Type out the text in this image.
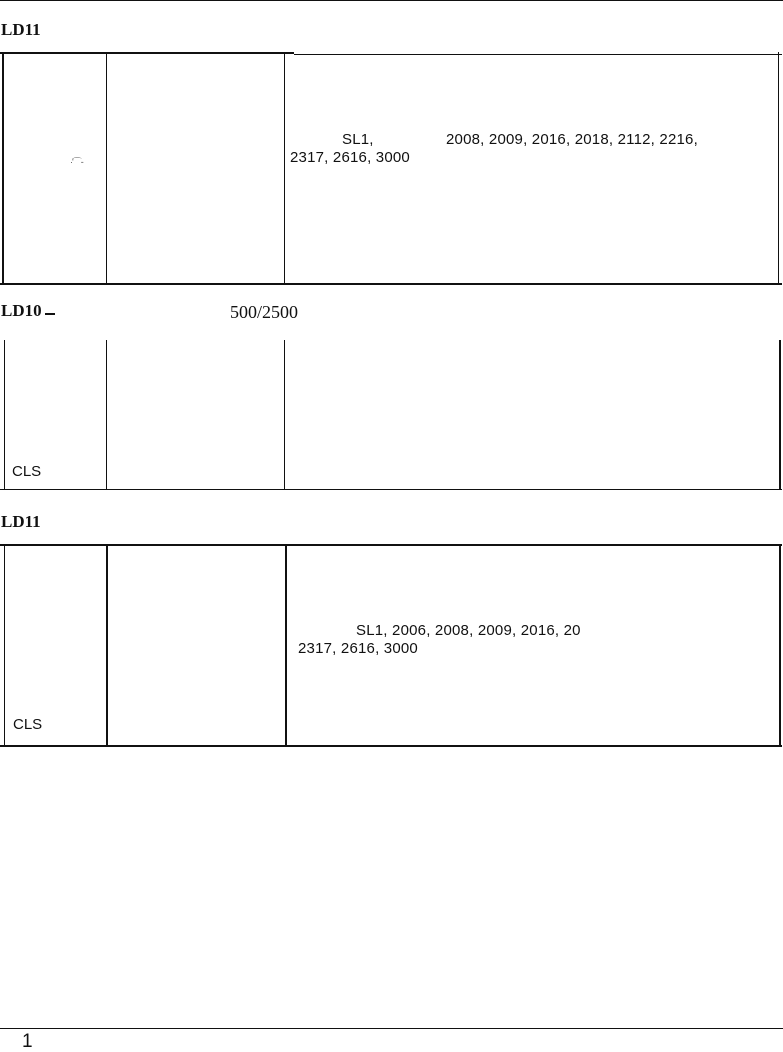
LD11
·'⌒-
SL1,	2008, 2009, 2016, 2018, 2112, 2216,
2317, 2616, 3000
LD10	500/2500
CLS
LD11
SL1, 2006, 2008, 2009, 2016, 20
2317, 2616, 3000
CLS
1
